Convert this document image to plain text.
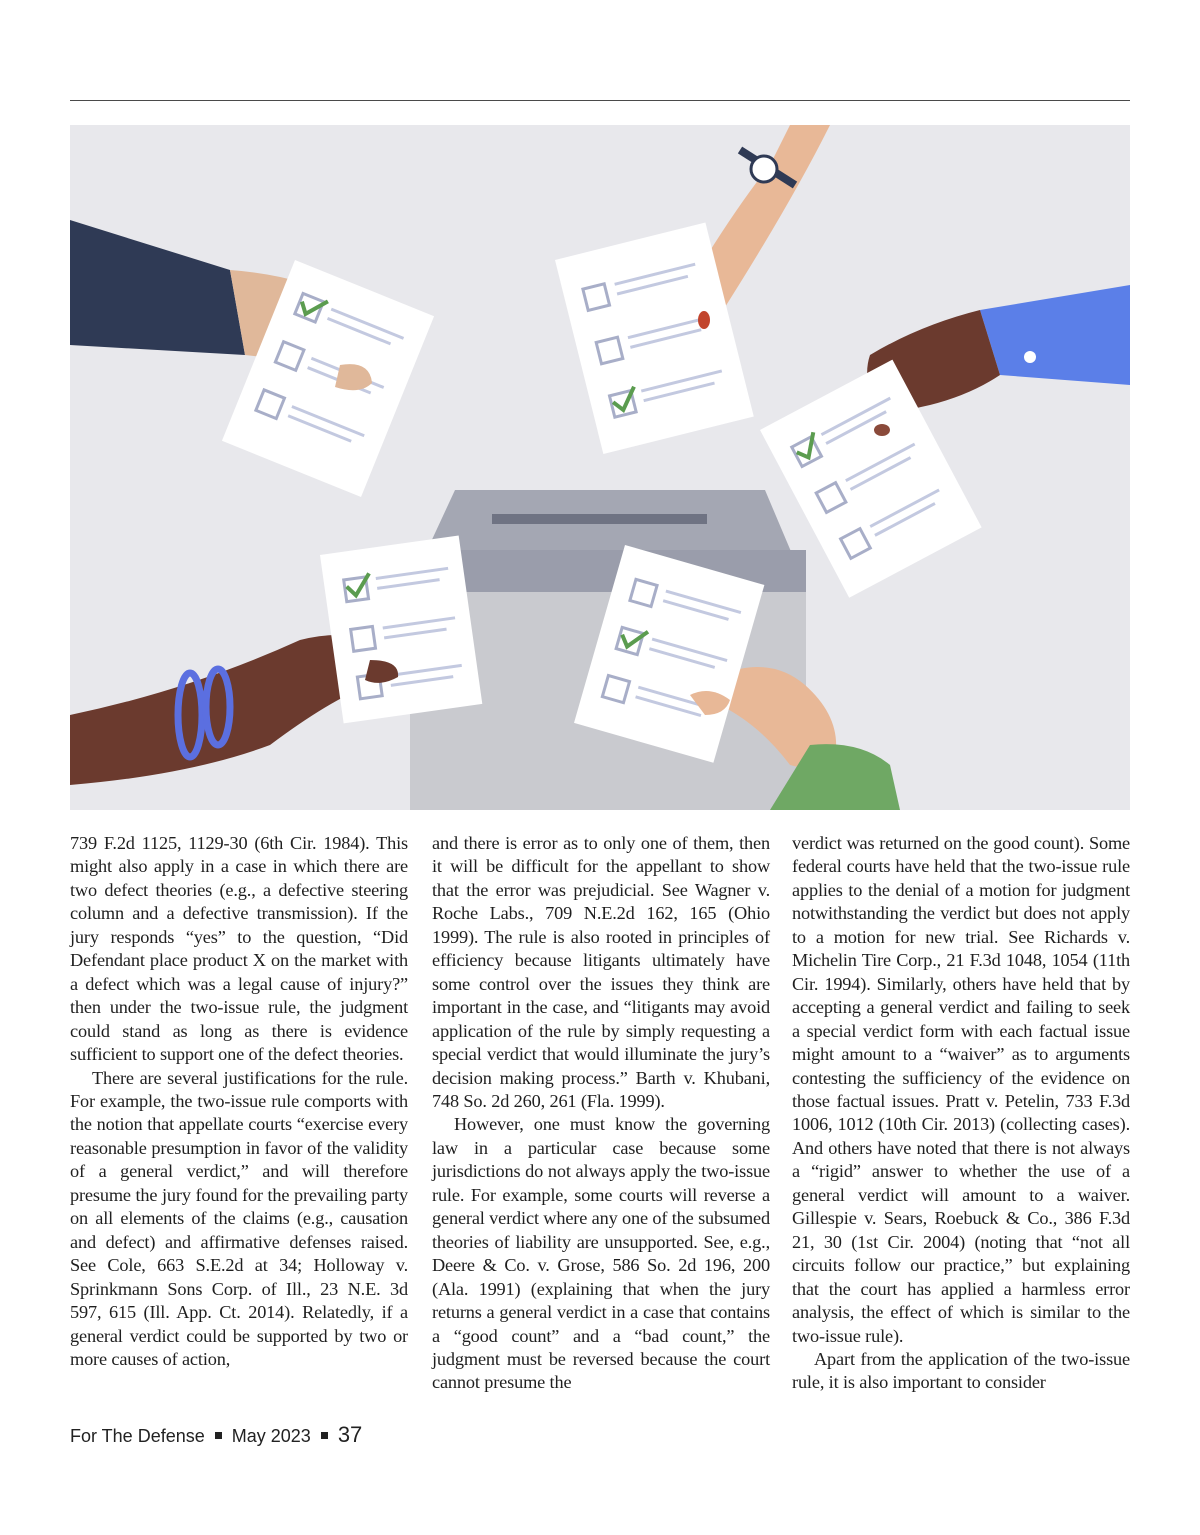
739 F.2d 1125, 1129-30 (6th Cir. 1984). This might also apply in a case in which there are two defect theories (e.g., a defective steering column and a defective transmission). If the jury responds “yes” to the question, “Did Defendant place product X on the market with a defect which was a legal cause of injury?” then under the two-issue rule, the judgment could stand as long as there is evidence sufficient to support one of the defect theories.

There are several justifications for the rule. For example, the two-issue rule comports with the notion that appellate courts “exercise every reasonable presumption in favor of the validity of a general verdict,” and will therefore presume the jury found for the prevailing party on all elements of the claims (e.g., causation and defect) and affirmative defenses raised. See Cole, 663 S.E.2d at 34; Holloway v. Sprinkmann Sons Corp. of Ill., 23 N.E. 3d 597, 615 (Ill. App. Ct. 2014). Relatedly, if a general verdict could be supported by two or more causes of action,

and there is error as to only one of them, then it will be difficult for the appellant to show that the error was prejudicial. See Wagner v. Roche Labs., 709 N.E.2d 162, 165 (Ohio 1999). The rule is also rooted in principles of efficiency because litigants ultimately have some control over the issues they think are important in the case, and “litigants may avoid application of the rule by simply requesting a special verdict that would illuminate the jury’s decision making process.” Barth v. Khubani, 748 So. 2d 260, 261 (Fla. 1999).

However, one must know the governing law in a particular case because some jurisdictions do not always apply the two-issue rule. For example, some courts will reverse a general verdict where any one of the subsumed theories of liability are unsupported. See, e.g., Deere & Co. v. Grose, 586 So. 2d 196, 200 (Ala. 1991) (explaining that when the jury returns a general verdict in a case that contains a “good count” and a “bad count,” the judgment must be reversed because the court cannot presume the

verdict was returned on the good count). Some federal courts have held that the two-issue rule applies to the denial of a motion for judgment notwithstanding the verdict but does not apply to a motion for new trial. See Richards v. Michelin Tire Corp., 21 F.3d 1048, 1054 (11th Cir. 1994). Similarly, others have held that by accepting a general verdict and failing to seek a special verdict form with each factual issue might amount to a “waiver” as to arguments contesting the sufficiency of the evidence on those factual issues. Pratt v. Petelin, 733 F.3d 1006, 1012 (10th Cir. 2013) (collecting cases). And others have noted that there is not always a “rigid” answer to whether the use of a general verdict will amount to a waiver. Gillespie v. Sears, Roebuck & Co., 386 F.3d 21, 30 (1st Cir. 2004) (noting that “not all circuits follow our practice,” but explaining that the court has applied a harmless error analysis, the effect of which is similar to the two-issue rule).

Apart from the application of the two-issue rule, it is also important to consider

For The Defense May 2023 37
